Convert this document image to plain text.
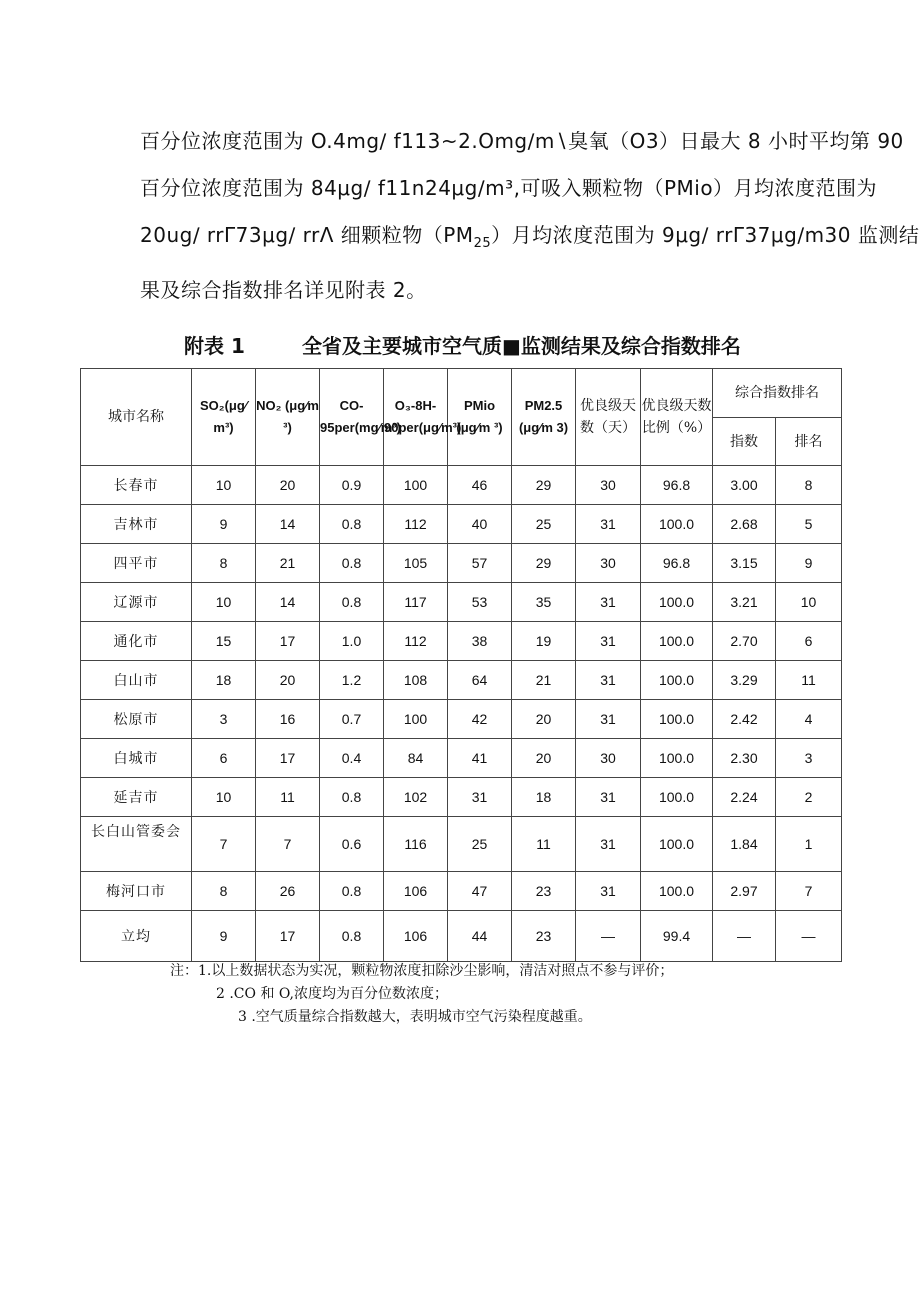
百分位浓度范围为 O.4mg∕ f113~2.Omg∕m∖臭氧（O3）日最大 8 小时平均第 90
百分位浓度范围为 84μg∕ f11n24μg∕m³,可吸入颗粒物（PMio）月均浓度范围为
20ug∕ rrΓ73μg∕ rrΛ 细颗粒物$(PM_{25})$月均浓度范围为 9μg∕ rrΓ37μg∕m30 监测结
果及综合指数排名详见附表 2。
附表 1	全省及主要城市空气质■监测结果及综合指数排名
城市名称	SO₂(μg∕ m³)	NO₂ (μg∕m ³)	CO-95per(mg∕m³)	O₃-8H-90per(μg∕m³)	PMio (μg∕m ³)	PM2.5 (μg∕m 3)	优良级天数（天）	优良级天数比例（%）	综合指数排名	
									指数	排名
长春市	10	20	0.9	100	46	29	30	96.8	3.00	8
吉林市	9	14	0.8	112	40	25	31	100.0	2.68	5
四平市	8	21	0.8	105	57	29	30	96.8	3.15	9
辽源市	10	14	0.8	117	53	35	31	100.0	3.21	10
通化市	15	17	1.0	112	38	19	31	100.0	2.70	6
白山市	18	20	1.2	108	64	21	31	100.0	3.29	11
松原市	3	16	0.7	100	42	20	31	100.0	2.42	4
白城市	6	17	0.4	84	41	20	30	100.0	2.30	3
延吉市	10	11	0.8	102	31	18	31	100.0	2.24	2
长白山管委会	7	7	0.6	116	25	11	31	100.0	1.84	1
梅河口市	8	26	0.8	106	47	23	31	100.0	2.97	7
立均	9	17	0.8	106	44	23	—	99.4	—	—
注：1.以上数据状态为实况，颗粒物浓度扣除沙尘影响，清洁对照点不参与评价；
2 .CO 和 O,浓度均为百分位数浓度；
3 .空气质量综合指数越大，表明城市空气污染程度越重。
